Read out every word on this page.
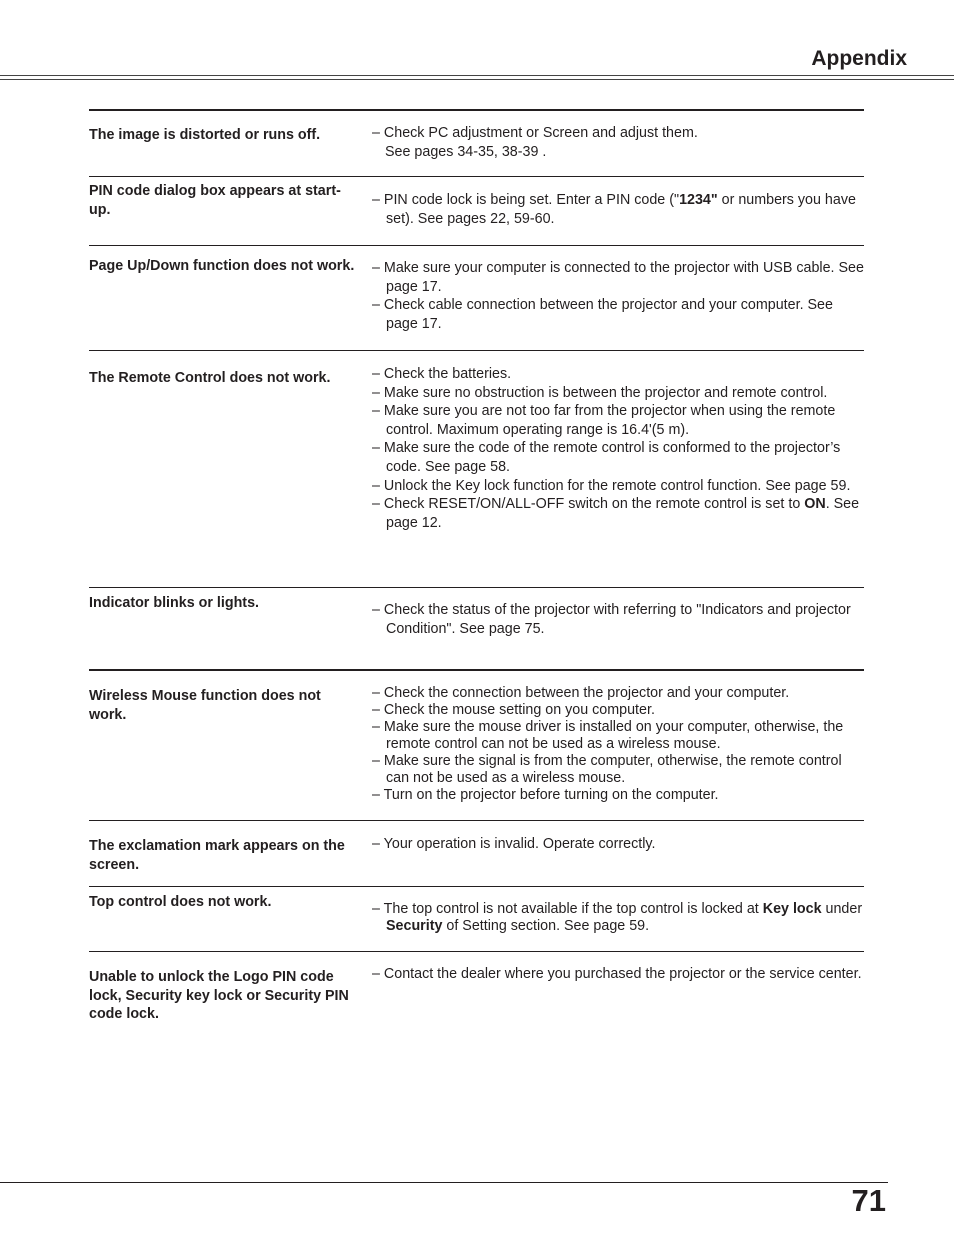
Appendix
The image is distorted or runs off.	– Check PC adjustment or Screen and adjust them.
See pages 34-35, 38-39 .
PIN code dialog box appears at start-up.
– PIN code lock is being set. Enter a PIN code ("1234" or numbers you have set). See pages 22, 59-60.
Page Up/Down function does not work.	– Make sure your computer is connected to the projector with USB cable. See page 17.
– Check cable connection between the projector and your computer. See page 17.
The Remote Control does not work.	– Check the batteries.
– Make sure no obstruction is between the projector and remote control.
– Make sure you are not too far from the projector when using the remote control. Maximum operating range is 16.4'(5 m).
– Make sure the code of the remote control is conformed to the projector’s code. See page 58.
– Unlock the Key lock function for the remote control function. See page 59.
– Check RESET/ON/ALL-OFF switch on the remote control is set to ON. See page 12.
Indicator blinks or lights.	– Check the status of the projector with referring to "Indicators and projector Condition". See page 75.
Wireless Mouse function does not work.
– Check the connection between the projector and your computer.
– Check the mouse setting on you computer.
– Make sure the mouse driver is installed on your computer, otherwise, the remote control can not be used as a wireless mouse.
– Make sure the signal is from the computer, otherwise, the remote control can not be used as a wireless mouse.
– Turn on the projector before turning on the computer.
The exclamation mark appears on the screen.
– Your operation is invalid. Operate correctly.
Top control does not work.	– The top control is not available if the top control is locked at Key lock under Security of Setting section. See page 59.
Unable to unlock the Logo PIN code lock, Security key lock or Security PIN code lock.
– Contact the dealer where you purchased the projector or the service center.
71
